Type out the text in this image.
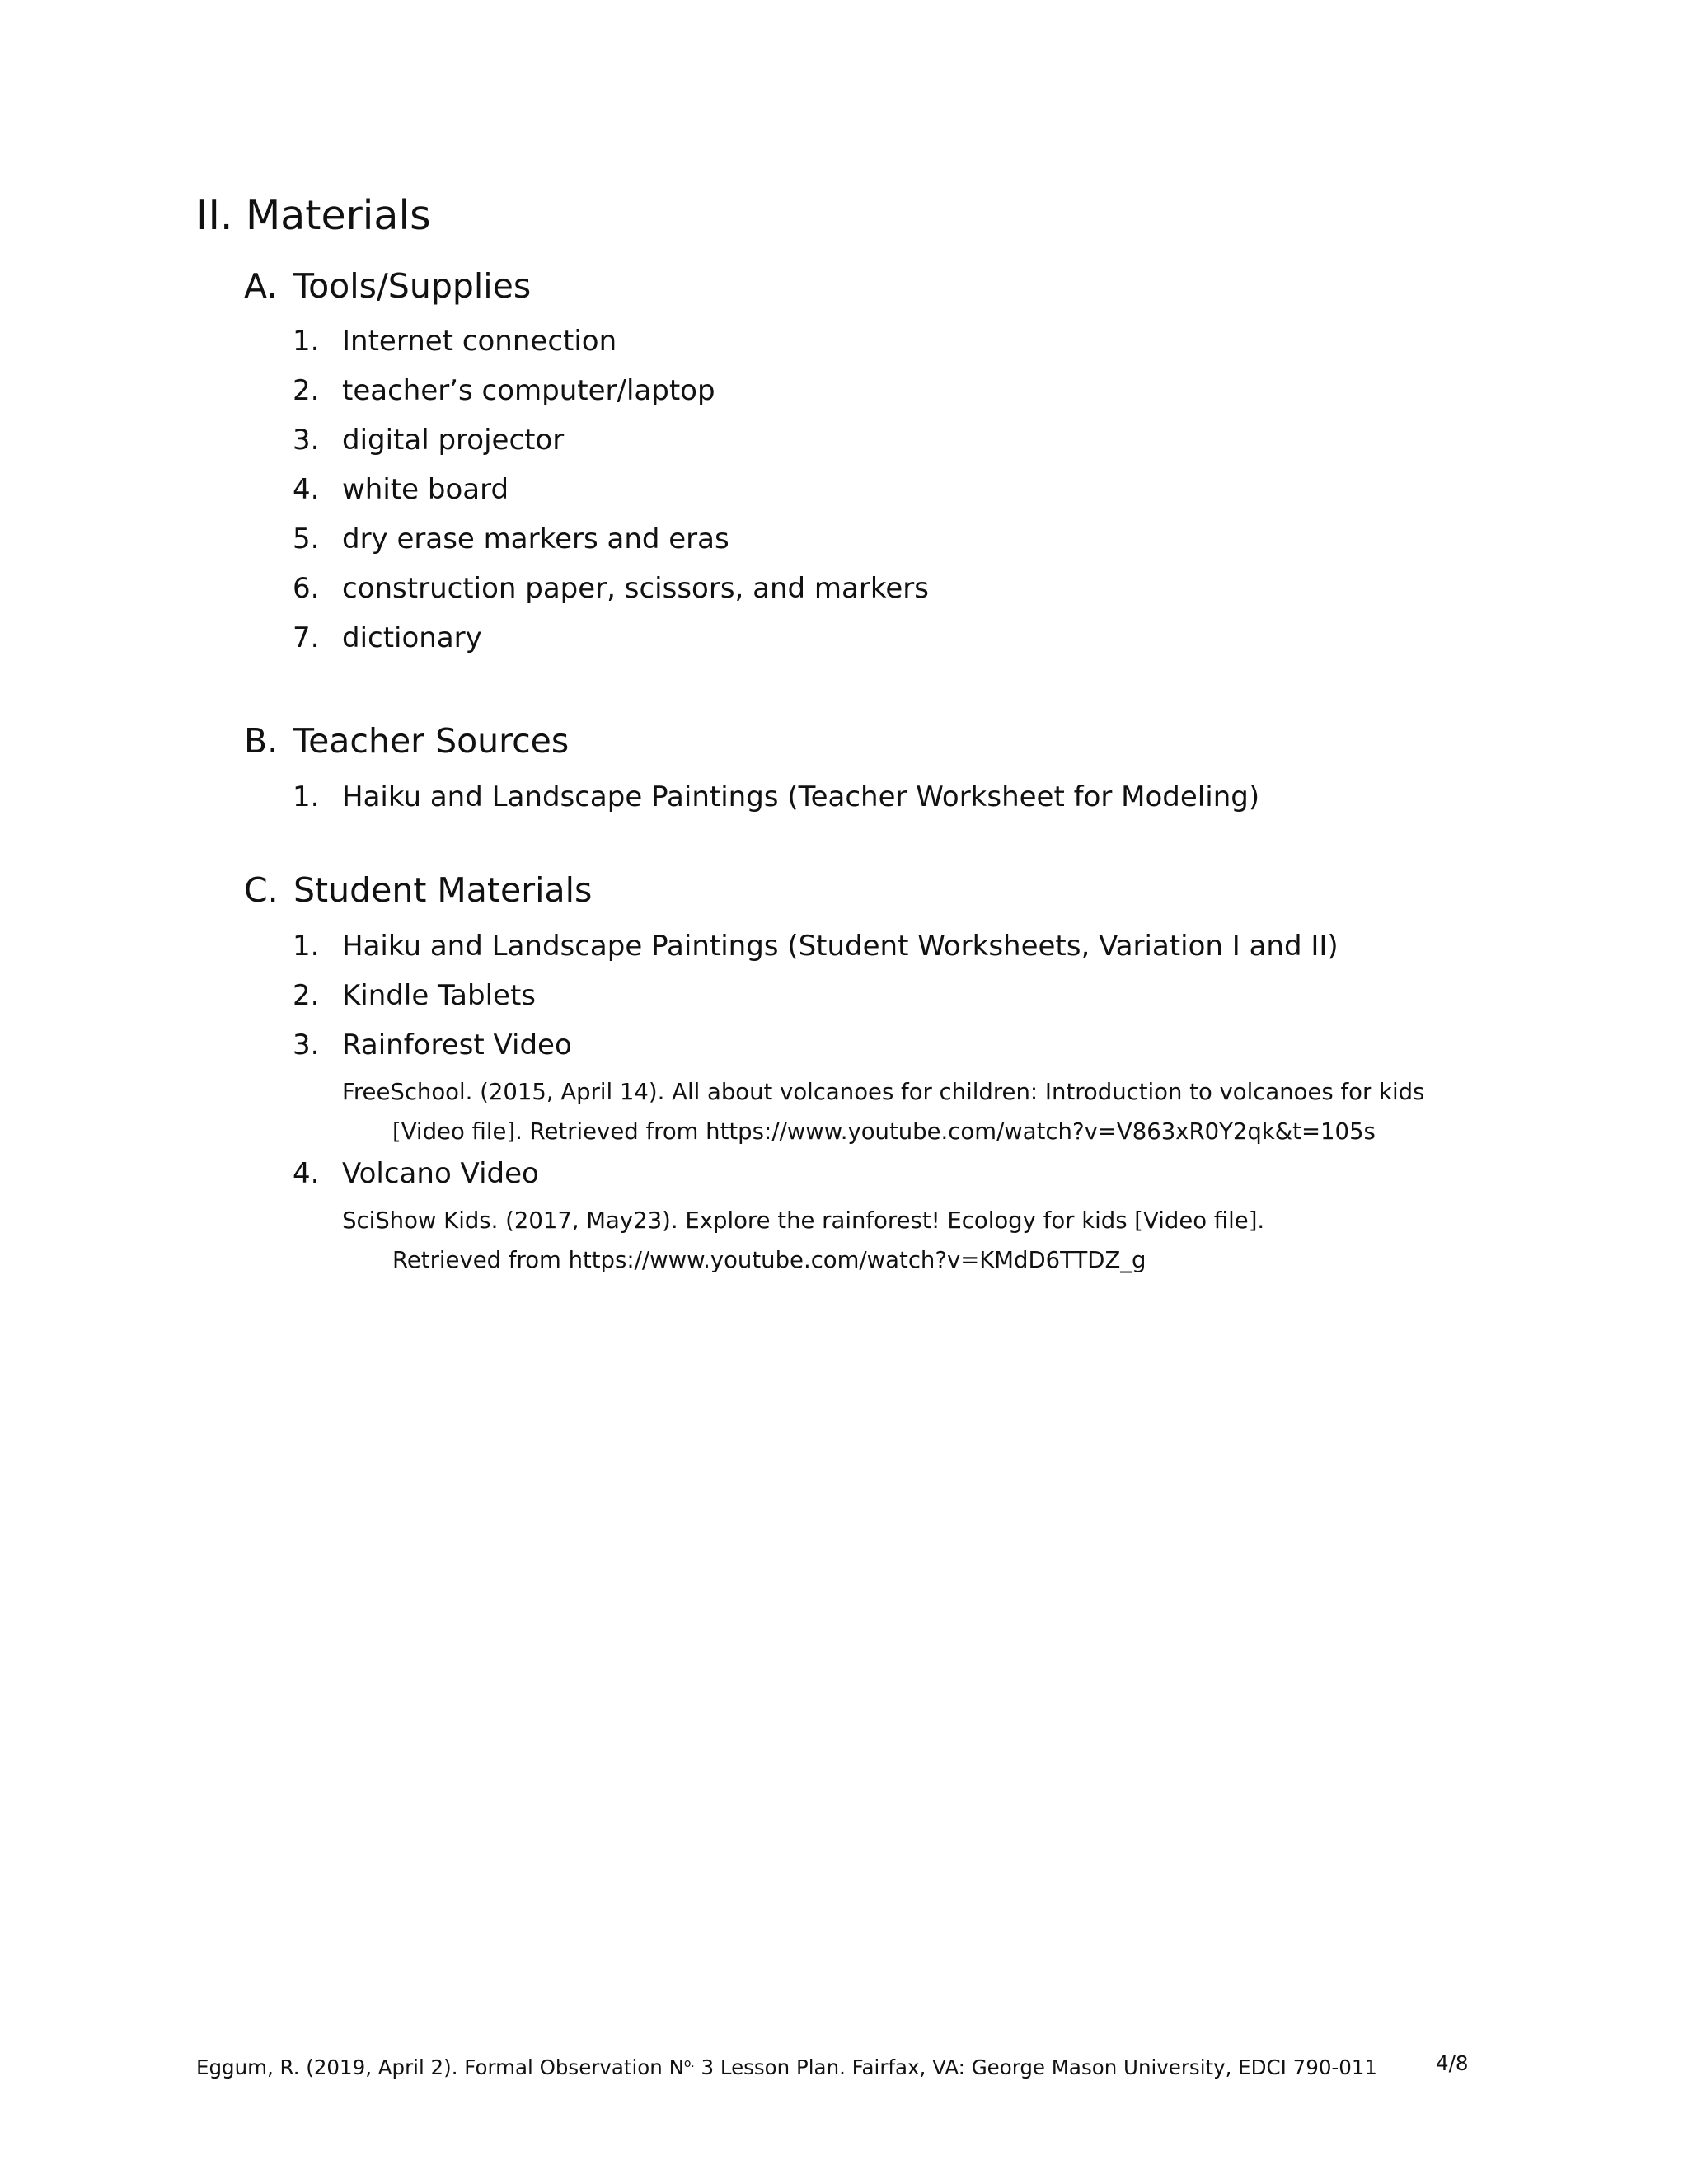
II. Materials
A. Tools/Supplies
1. Internet connection
2. teacher’s computer/laptop
3. digital projector
4. white board
5. dry erase markers and eras
6. construction paper, scissors, and markers
7. dictionary
B. Teacher Sources
1. Haiku and Landscape Paintings (Teacher Worksheet for Modeling)
C. Student Materials
1. Haiku and Landscape Paintings (Student Worksheets, Variation I and II)
2. Kindle Tablets
3. Rainforest Video
FreeSchool. (2015, April 14). All about volcanoes for children: Introduction to volcanoes for kids
[Video file]. Retrieved from https://www.youtube.com/watch?v=V863xR0Y2qk&t=105s
4. Volcano Video
SciShow Kids. (2017, May23). Explore the rainforest! Ecology for kids [Video file].
Retrieved from https://www.youtube.com/watch?v=KMdD6TTDZ_g
Eggum, R. (2019, April 2). Formal Observation $N^{o.}$ 3 Lesson Plan. Fairfax, VA: George Mason University, EDCI 790-011	4/8
